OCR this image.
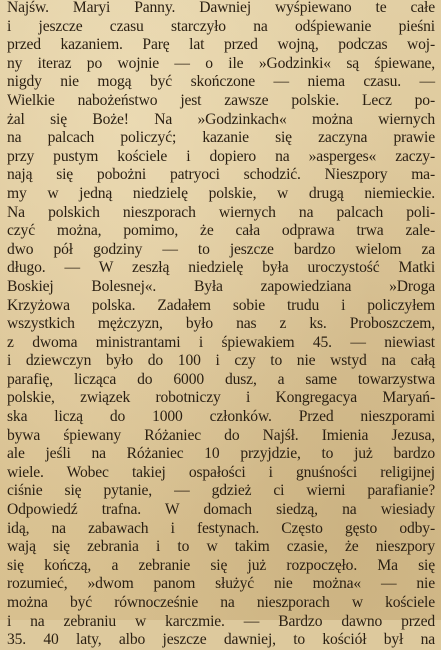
Najśw. Maryi Panny. Dawniej wyśpiewano te całe
i jeszcze czasu starczyło na odśpiewanie pieśni
przed kazaniem. Parę lat przed wojną, podczas woj-
ny iteraz po wojnie — o ile »Godzinki« są śpiewane,
nigdy nie mogą być skończone — niema czasu. —
Wielkie nabożeństwo jest zawsze polskie. Lecz po-
żal się Boże! Na »Godzinkach« można wiernych
na palcach policzyć; kazanie się zaczyna prawie
przy pustym kościele i dopiero na »asperges« zaczy-
nają się pobożni patryoci schodzić. Nieszpory ma-
my w jedną niedzielę polskie, w drugą niemieckie.
Na polskich nieszporach wiernych na palcach poli-
czyć można, pomimo, że cała odprawa trwa zale-
dwo pół godziny — to jeszcze bardzo wielom za
długo. — W zeszłą niedzielę była uroczystość Matki
Boskiej Bolesnej«. Była zapowiedziana »Droga
Krzyżowa polska. Zadałem sobie trudu i policzyłem
wszystkich mężczyzn, było nas z ks. Proboszczem,
z dwoma ministrantami i śpiewakiem 45. — niewiast
i dziewczyn było do 100 i czy to nie wstyd na całą
parafię, licząca do 6000 dusz, a same towarzystwa
polskie, związek robotniczy i Kongregacya Maryań-
ska liczą do 1000 członków. Przed nieszporami
bywa śpiewany Różaniec do Najśł. Imienia Jezusa,
ale jeśli na Różaniec 10 przyjdzie, to już bardzo
wiele. Wobec takiej ospałości i gnuśności religijnej
ciśnie się pytanie, — gdzież ci wierni parafianie?
Odpowiedź trafna. W domach siedzą, na wiesiady
idą, na zabawach i festynach. Często gęsto odby-
wają się zebrania i to w takim czasie, że nieszpory
się kończą, a zebranie się już rozpoczęło. Ma się
rozumieć, »dwom panom służyć nie można« — nie
można być równocześnie na nieszporach w kościele
i na zebraniu w karczmie. — Bardzo dawno przed
35. 40 laty, albo jeszcze dawniej, to kościół był na
